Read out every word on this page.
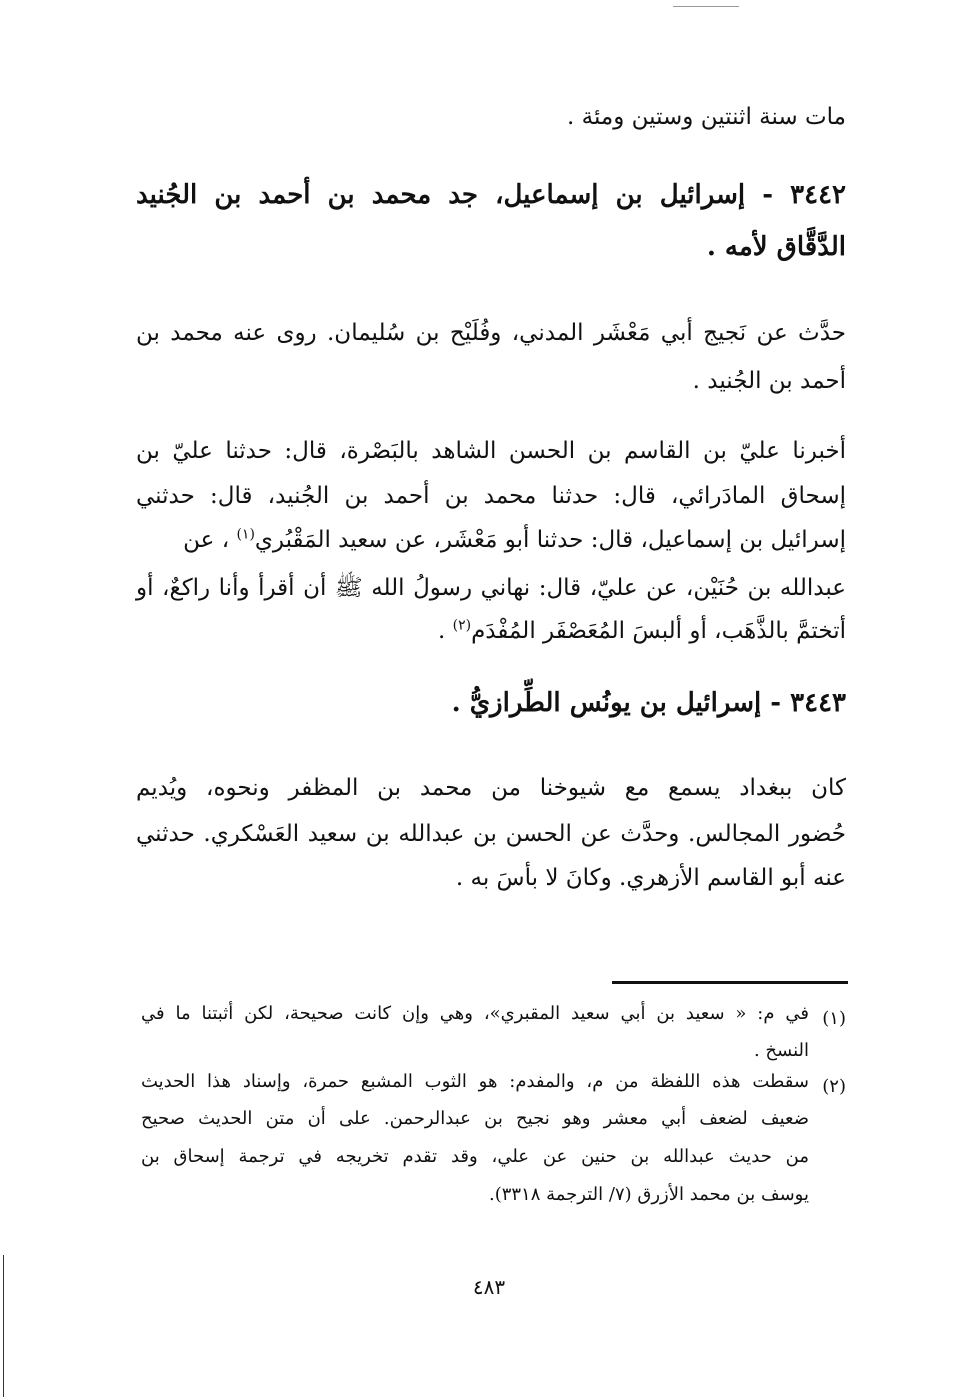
مات سنة اثنتين وستين ومئة .
٣٤٤٢ - إسرائيل بن إسماعيل، جد محمد بن أحمد بن الجُنيد
الدَّقَّاق لأمه .
حدَّث عن نَجيج أبي مَعْشَر المدني، وفُلَيْح بن سُليمان. روى عنه محمد بن
أحمد بن الجُنيد .
أخبرنا عليّ بن القاسم بن الحسن الشاهد بالبَصْرة، قال: حدثنا عليّ بن
إسحاق المادَرائي، قال: حدثنا محمد بن أحمد بن الجُنيد، قال: حدثني
إسرائيل بن إسماعيل، قال: حدثنا أبو مَعْشَر، عن سعيد المَقْبُري$^{(١)}$ ، عن
عبدالله بن حُنَيْن، عن عليّ، قال: نهاني رسولُ الله ﷺ أن أقرأ وأنا راكعٌ، أو
أتختمَّ بالذَّهَب، أو ألبسَ المُعَصْفَر المُفْدَم$^{(٢)}$ .
٣٤٤٣ - إسرائيل بن يونُس الطِّرازيُّ .
كان ببغداد يسمع مع شيوخنا من محمد بن المظفر ونحوه، ويُديم
حُضور المجالس. وحدَّث عن الحسن بن عبدالله بن سعيد العَسْكري. حدثني
عنه أبو القاسم الأزهري. وكانَ لا بأسَ به .
(١)
في م: « سعيد بن أبي سعيد المقبري»، وهي وإن كانت صحيحة، لكن أثبتنا ما في
النسخ .
(٢)
سقطت هذه اللفظة من م، والمفدم: هو الثوب المشبع حمرة، وإسناد هذا الحديث
ضعيف لضعف أبي معشر وهو نجيح بن عبدالرحمن. على أن متن الحديث صحيح
من حديث عبدالله بن حنين عن علي، وقد تقدم تخريجه في ترجمة إسحاق بن
يوسف بن محمد الأزرق (٧/ الترجمة ٣٣١٨).
٤٨٣
